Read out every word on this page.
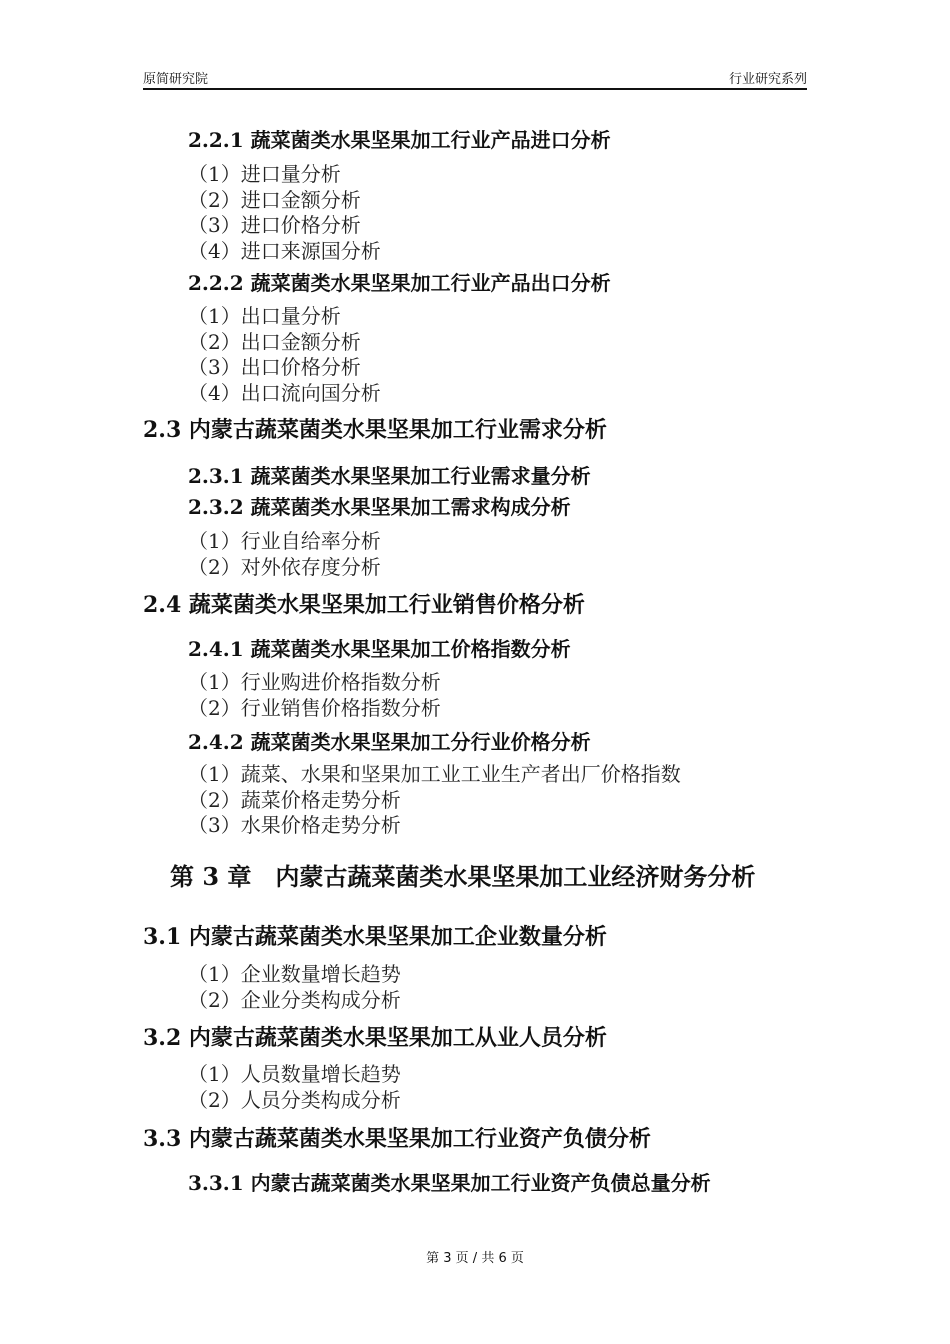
原简研究院	行业研究系列
2.2.1 蔬菜菌类水果坚果加工行业产品进口分析
（1）进口量分析
（2）进口金额分析
（3）进口价格分析
（4）进口来源国分析
2.2.2 蔬菜菌类水果坚果加工行业产品出口分析
（1）出口量分析
（2）出口金额分析
（3）出口价格分析
（4）出口流向国分析
2.3 内蒙古蔬菜菌类水果坚果加工行业需求分析
2.3.1 蔬菜菌类水果坚果加工行业需求量分析
2.3.2 蔬菜菌类水果坚果加工需求构成分析
（1）行业自给率分析
（2）对外依存度分析
2.4 蔬菜菌类水果坚果加工行业销售价格分析
2.4.1 蔬菜菌类水果坚果加工价格指数分析
（1）行业购进价格指数分析
（2）行业销售价格指数分析
2.4.2 蔬菜菌类水果坚果加工分行业价格分析
（1）蔬菜、水果和坚果加工业工业生产者出厂价格指数
（2）蔬菜价格走势分析
（3）水果价格走势分析
第 3 章　内蒙古蔬菜菌类水果坚果加工业经济财务分析
3.1 内蒙古蔬菜菌类水果坚果加工企业数量分析
（1）企业数量增长趋势
（2）企业分类构成分析
3.2 内蒙古蔬菜菌类水果坚果加工从业人员分析
（1）人员数量增长趋势
（2）人员分类构成分析
3.3 内蒙古蔬菜菌类水果坚果加工行业资产负债分析
3.3.1 内蒙古蔬菜菌类水果坚果加工行业资产负债总量分析
第 3 页 / 共 6 页
